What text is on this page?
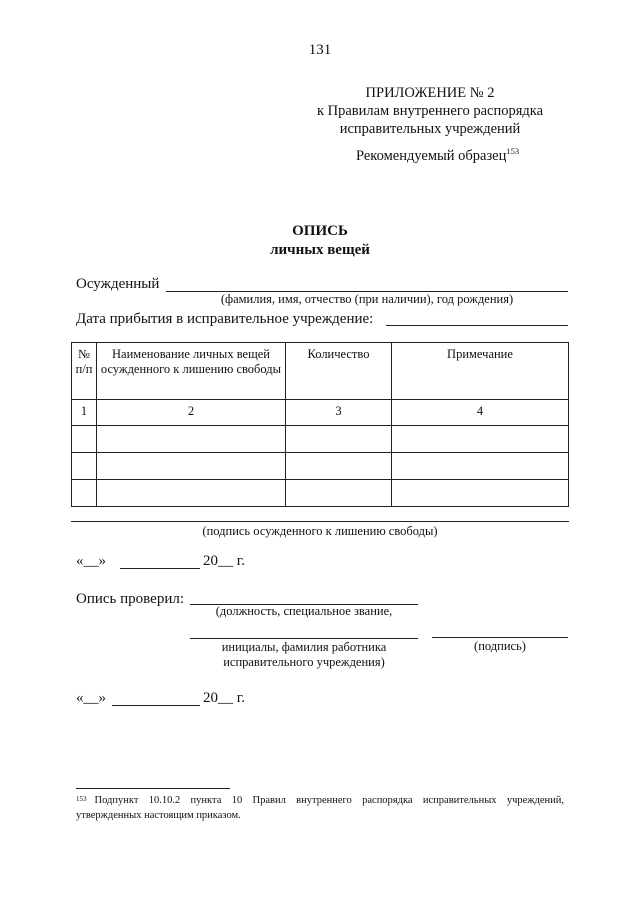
131
ПРИЛОЖЕНИЕ № 2
к Правилам внутреннего распорядка
исправительных учреждений
Рекомендуемый образец$^{153}$
ОПИСЬ
личных вещей
Осужденный
(фамилия, имя, отчество (при наличии), год рождения)
Дата прибытия в исправительное учреждение:
№ п/п	Наименование личных вещей осужденного к лишению свободы	Количество	Примечание
1	2	3	4

(подпись осужденного к лишению свободы)
«__»	20__ г.
Опись проверил:
(должность, специальное звание,
инициалы, фамилия работника
исправительного учреждения)
(подпись)
«__»	20__ г.
$^{153}$ Подпункт 10.10.2 пункта 10 Правил внутреннего распорядка исправительных учреждений, утвержденных настоящим приказом.
